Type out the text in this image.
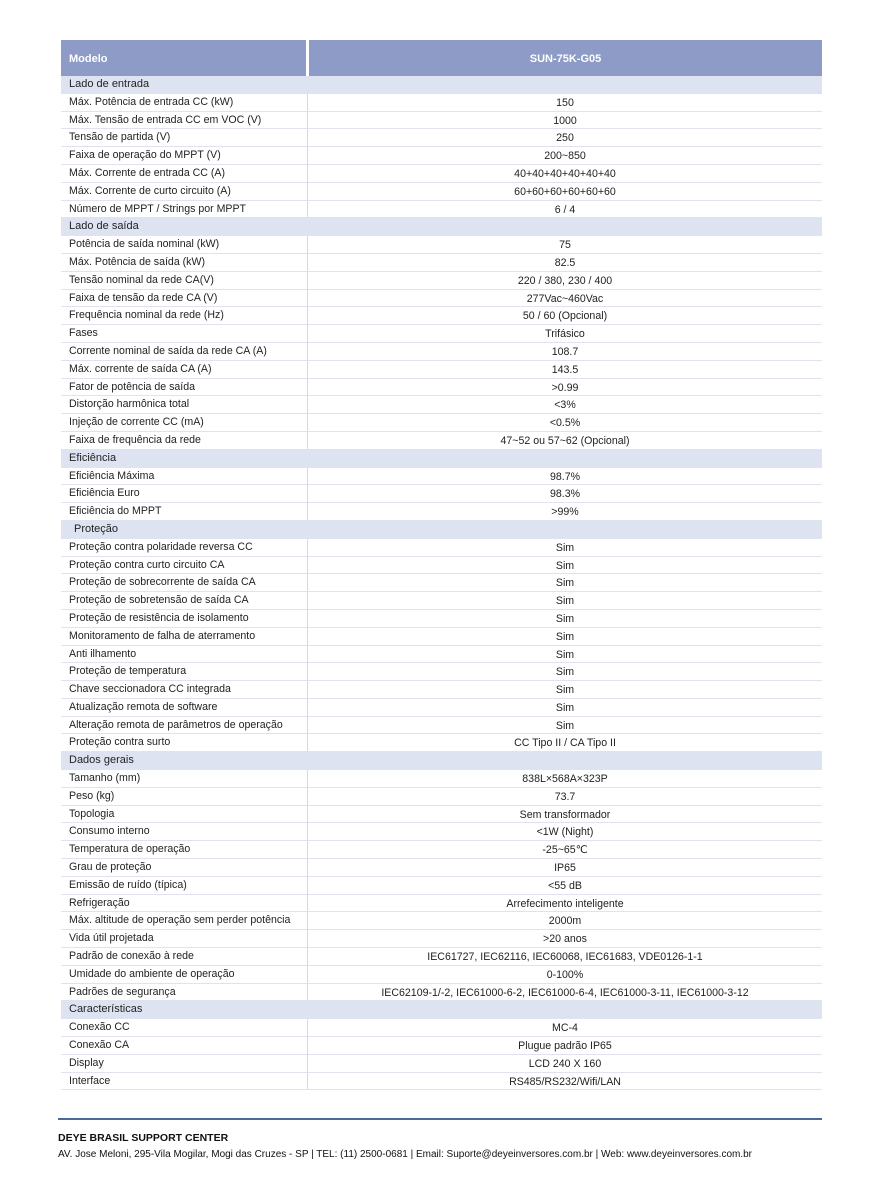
Modelo	SUN-75K-G05
Lado de entrada
Máx. Potência de entrada CC (kW)	150
Máx. Tensão de entrada CC em VOC (V)	1000
Tensão de partida (V)	250
Faixa de operação do MPPT (V)	200~850
Máx. Corrente de entrada CC (A)	40+40+40+40+40+40
Máx. Corrente de curto circuito (A)	60+60+60+60+60+60
Número de MPPT / Strings por MPPT	6 / 4
Lado de saída
Potência de saída nominal (kW)	75
Máx. Potência de saída (kW)	82.5
Tensão nominal da rede CA(V)	220 / 380, 230 / 400
Faixa de tensão da rede CA (V)	277Vac~460Vac
Frequência nominal da rede (Hz)	50 / 60 (Opcional)
Fases	Trifásico
Corrente nominal de saída da rede CA (A)	108.7
Máx. corrente de saída CA (A)	143.5
Fator de potência de saída	>0.99
Distorção harmônica total	<3%
Injeção de corrente CC (mA)	<0.5%
Faixa de frequência da rede	47~52 ou 57~62 (Opcional)
Eficiência
Eficiência Máxima	98.7%
Eficiência Euro	98.3%
Eficiência do MPPT	>99%
Proteção
Proteção contra polaridade reversa CC	Sim
Proteção contra curto circuito CA	Sim
Proteção de sobrecorrente de saída CA	Sim
Proteção de sobretensão de saída CA	Sim
Proteção de resistência de isolamento	Sim
Monitoramento de falha de aterramento	Sim
Anti ilhamento	Sim
Proteção de temperatura	Sim
Chave seccionadora CC integrada	Sim
Atualização remota de software	Sim
Alteração remota de parâmetros de operação	Sim
Proteção contra surto	CC Tipo II / CA Tipo II
Dados gerais
Tamanho (mm)	838L×568A×323P
Peso (kg)	73.7
Topologia	Sem transformador
Consumo interno	<1W (Night)
Temperatura de operação	-25~65℃
Grau de proteção	IP65
Emissão de ruído (típica)	<55 dB
Refrigeração	Arrefecimento inteligente
Máx. altitude de operação sem perder potência	2000m
Vida útil projetada	>20 anos
Padrão de conexão à rede	IEC61727, IEC62116, IEC60068, IEC61683, VDE0126-1-1
Umidade do ambiente de operação	0-100%
Padrões de segurança	IEC62109-1/-2, IEC61000-6-2, IEC61000-6-4, IEC61000-3-11, IEC61000-3-12
Características
Conexão CC	MC-4
Conexão CA	Plugue padrão IP65
Display	LCD 240 X 160
Interface	RS485/RS232/Wifi/LAN
DEYE BRASIL SUPPORT CENTER
AV. Jose Meloni, 295-Vila Mogilar, Mogi das Cruzes - SP | TEL: (11) 2500-0681 | Email: Suporte@deyeinversores.com.br | Web: www.deyeinversores.com.br
